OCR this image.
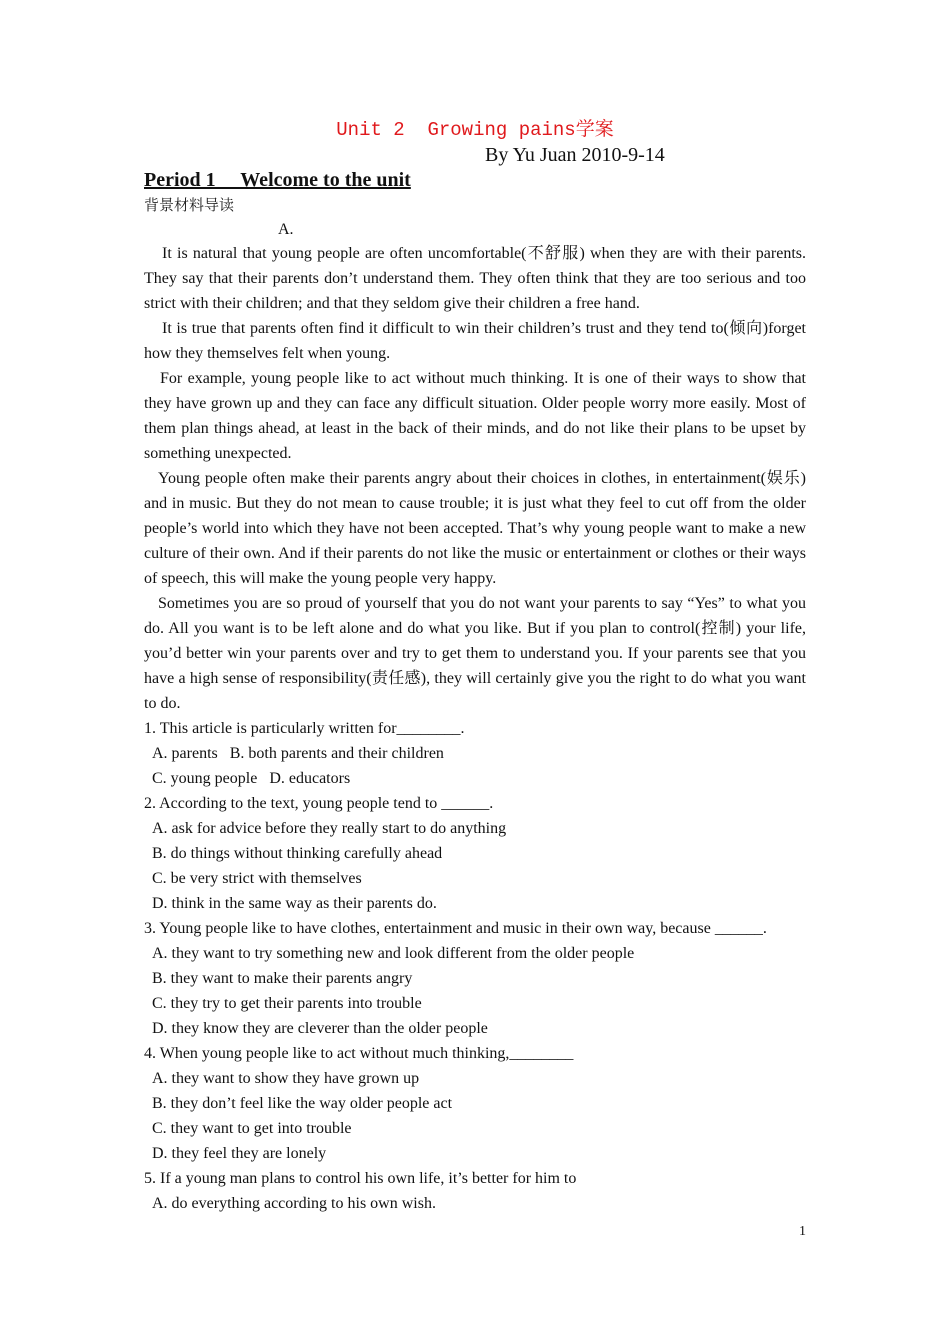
Unit 2  Growing pains学案
By Yu Juan 2010-9-14
Period 1     Welcome to the unit
背景材料导读
A.

It is natural that young people are often uncomfortable(不舒服) when they are with their parents. They say that their parents don’t understand them. They often think that they are too serious and too strict with their children; and that they seldom give their children a free hand.

It is true that parents often find it difficult to win their children’s trust and they tend to(倾向)forget how they themselves felt when young.

For example, young people like to act without much thinking. It is one of their ways to show that they have grown up and they can face any difficult situation. Older people worry more easily. Most of them plan things ahead, at least in the back of their minds, and do not like their plans to be upset by something unexpected.

Young people often make their parents angry about their choices in clothes, in entertainment(娱乐) and in music. But they do not mean to cause trouble; it is just what they feel to cut off from the older people’s world into which they have not been accepted. That’s why young people want to make a new culture of their own. And if their parents do not like the music or entertainment or clothes or their ways of speech, this will make the young people very happy.

Sometimes you are so proud of yourself that you do not want your parents to say “Yes” to what you do. All you want is to be left alone and do what you like. But if you plan to control(控制) your life, you’d better win your parents over and try to get them to understand you. If your parents see that you have a high sense of responsibility(责任感), they will certainly give you the right to do what you want to do.

1. This article is particularly written for________.

A. parents   B. both parents and their children

C. young people   D. educators

2. According to the text, young people tend to ______.

A. ask for advice before they really start to do anything

B. do things without thinking carefully ahead

C. be very strict with themselves

D. think in the same way as their parents do.

3. Young people like to have clothes, entertainment and music in their own way, because ______.

A. they want to try something new and look different from the older people

B. they want to make their parents angry

C. they try to get their parents into trouble

D. they know they are cleverer than the older people

4. When young people like to act without much thinking,________

A. they want to show they have grown up

B. they don’t feel like the way older people act

C. they want to get into trouble

D. they feel they are lonely

5. If a young man plans to control his own life, it’s better for him to

A. do everything according to his own wish.

1
